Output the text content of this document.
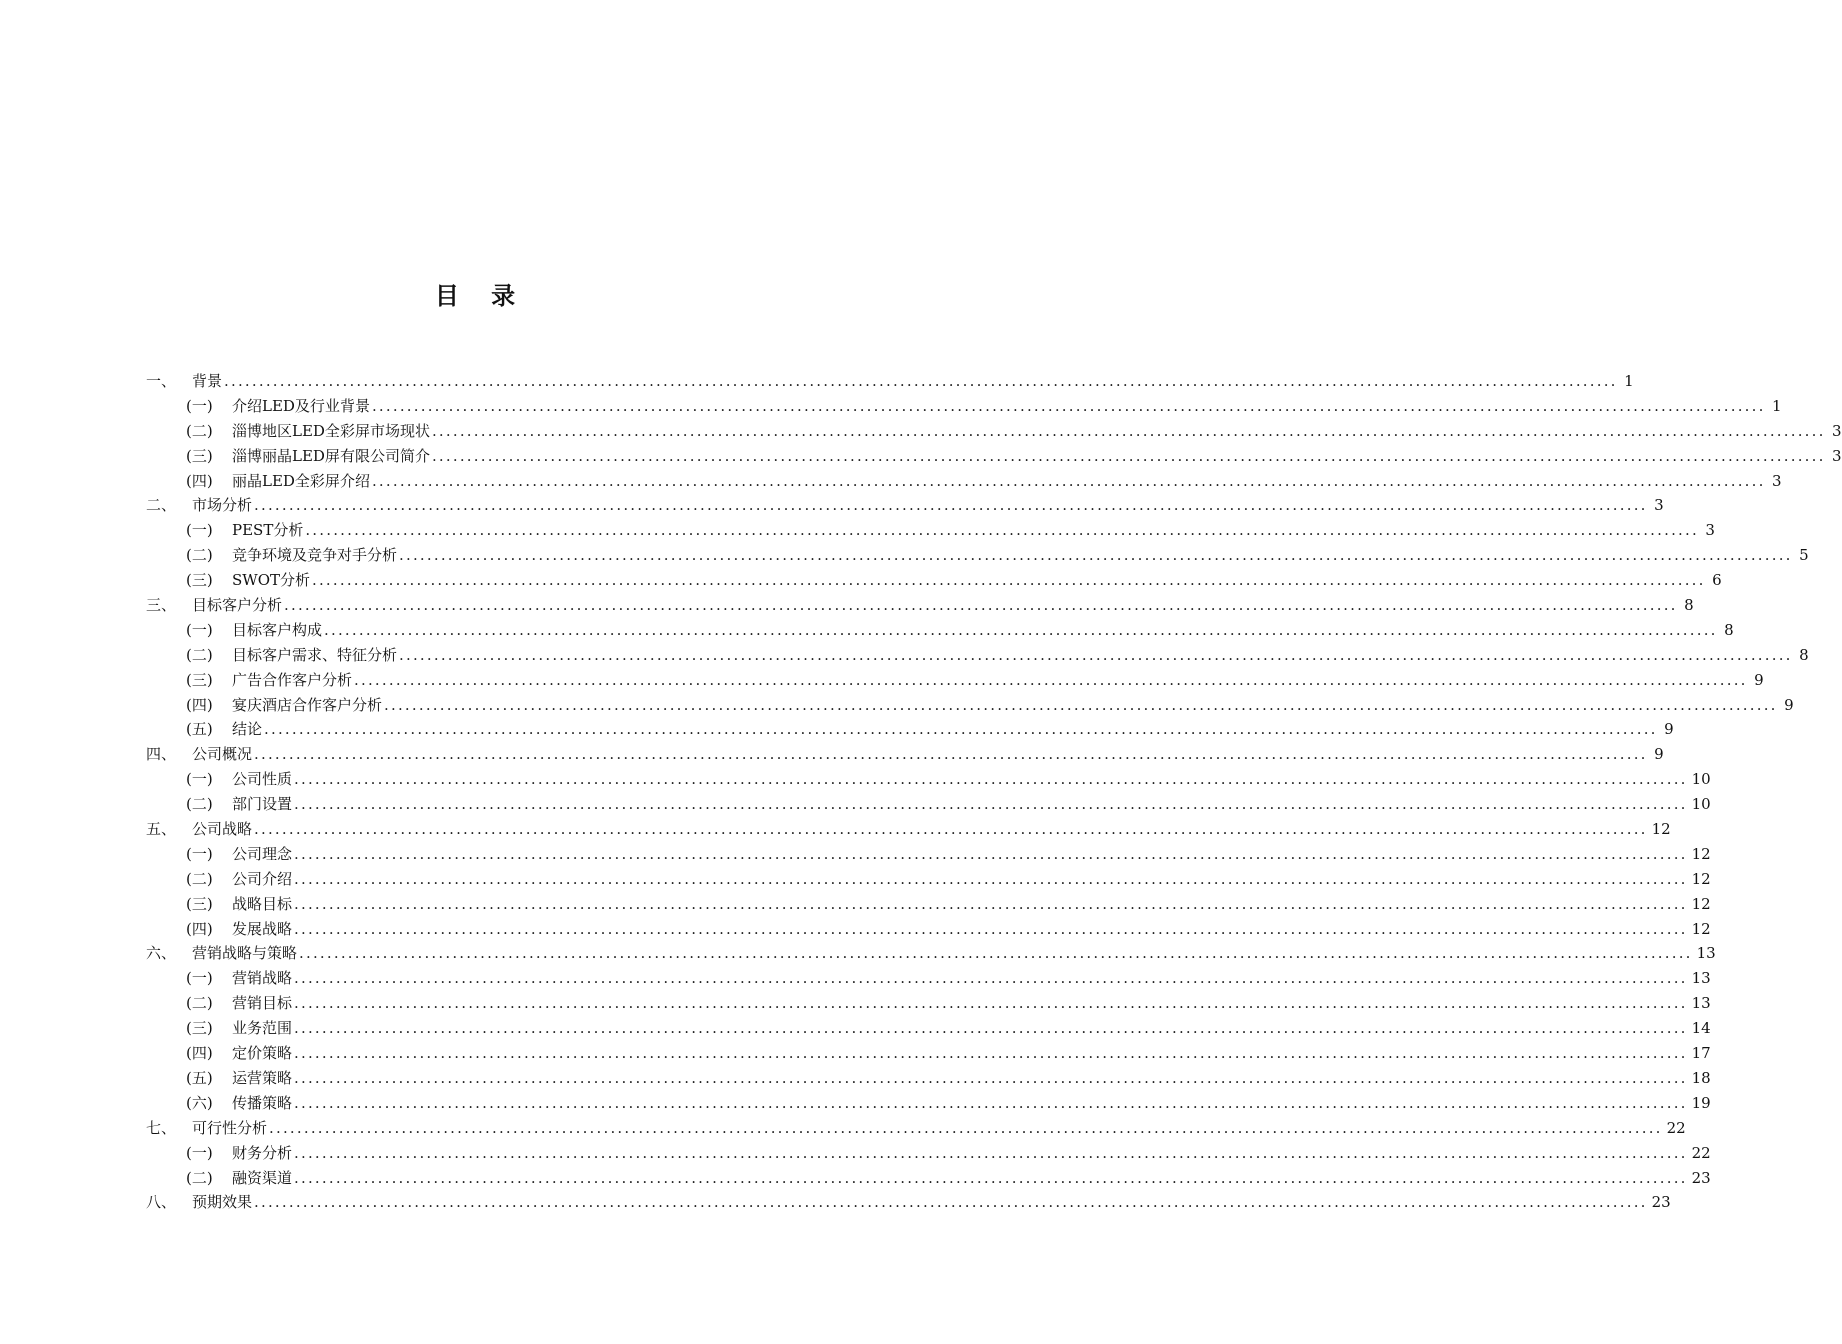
目 录
一、	背景 ........................................................................................................................................................................................................ 1
(一)	介绍LED及行业背景 ........................................................................................................................................................................................................ 1
(二)	淄博地区LED全彩屏市场现状 ........................................................................................................................................................................................................ 3
(三)	淄博丽晶LED屏有限公司简介 ........................................................................................................................................................................................................ 3
(四)	丽晶LED全彩屏介绍 ........................................................................................................................................................................................................ 3
二、	市场分析 ........................................................................................................................................................................................................ 3
(一)	PEST分析 ........................................................................................................................................................................................................ 3
(二)	竞争环境及竞争对手分析 ........................................................................................................................................................................................................ 5
(三)	SWOT分析 ........................................................................................................................................................................................................ 6
三、	目标客户分析 ........................................................................................................................................................................................................ 8
(一)	目标客户构成 ........................................................................................................................................................................................................ 8
(二)	目标客户需求、特征分析 ........................................................................................................................................................................................................ 8
(三)	广告合作客户分析 ........................................................................................................................................................................................................ 9
(四)	宴庆酒店合作客户分析 ........................................................................................................................................................................................................ 9
(五)	结论 ........................................................................................................................................................................................................ 9
四、	公司概况 ........................................................................................................................................................................................................ 9
(一)	公司性质 ........................................................................................................................................................................................................ 10
(二)	部门设置 ........................................................................................................................................................................................................ 10
五、	公司战略 ........................................................................................................................................................................................................ 12
(一)	公司理念 ........................................................................................................................................................................................................ 12
(二)	公司介绍 ........................................................................................................................................................................................................ 12
(三)	战略目标 ........................................................................................................................................................................................................ 12
(四)	发展战略 ........................................................................................................................................................................................................ 12
六、	营销战略与策略 ........................................................................................................................................................................................................ 13
(一)	营销战略 ........................................................................................................................................................................................................ 13
(二)	营销目标 ........................................................................................................................................................................................................ 13
(三)	业务范围 ........................................................................................................................................................................................................ 14
(四)	定价策略 ........................................................................................................................................................................................................ 17
(五)	运营策略 ........................................................................................................................................................................................................ 18
(六)	传播策略 ........................................................................................................................................................................................................ 19
七、	可行性分析 ........................................................................................................................................................................................................ 22
(一)	财务分析 ........................................................................................................................................................................................................ 22
(二)	融资渠道 ........................................................................................................................................................................................................ 23
八、	预期效果 ........................................................................................................................................................................................................ 23
